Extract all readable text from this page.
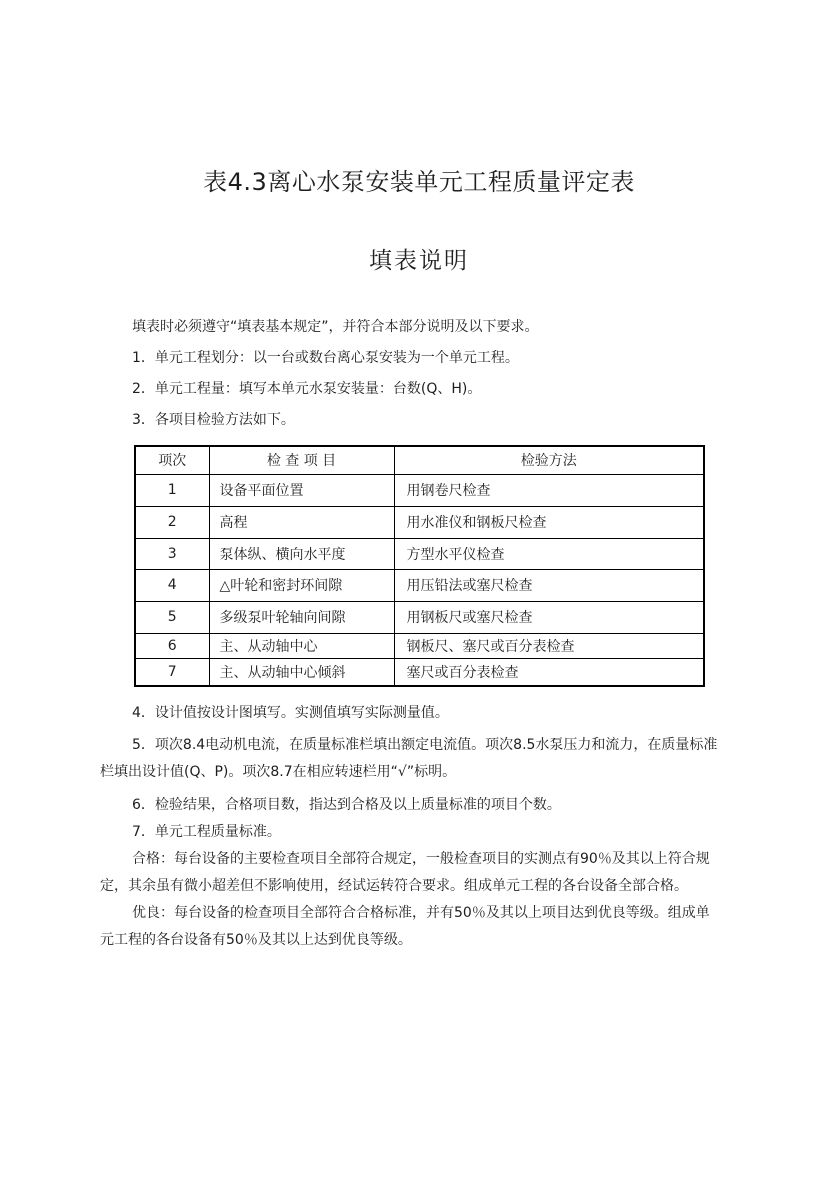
表4.3离心水泵安装单元工程质量评定表
填表说明
填表时必须遵守“填表基本规定”，并符合本部分说明及以下要求。
1．单元工程划分：以一台或数台离心泵安装为一个单元工程。
2．单元工程量：填写本单元水泵安装量：台数(Q、H)。
3．各项目检验方法如下。
项次	检 查 项 目	检验方法
1	设备平面位置	用钢卷尺检查
2	高程	用水准仪和钢板尺检查
3	泵体纵、横向水平度	方型水平仪检查
4	△叶轮和密封环间隙	用压铅法或塞尺检查
5	多级泵叶轮轴向间隙	用钢板尺或塞尺检查
6	主、从动轴中心	钢板尺、塞尺或百分表检查
7	主、从动轴中心倾斜	塞尺或百分表检查
4．设计值按设计图填写。实测值填写实际测量值。
5．项次8.4电动机电流，在质量标准栏填出额定电流值。项次8.5水泵压力和流力，在质量标准
栏填出设计值(Q、P)。项次8.7在相应转速栏用“√”标明。
6．检验结果，合格项目数，指达到合格及以上质量标准的项目个数。
7．单元工程质量标准。
合格：每台设备的主要检查项目全部符合规定，一般检查项目的实测点有90％及其以上符合规
定，其余虽有微小超差但不影响使用，经试运转符合要求。组成单元工程的各台设备全部合格。
优良：每台设备的检查项目全部符合合格标准，并有50％及其以上项目达到优良等级。组成单
元工程的各台设备有50％及其以上达到优良等级。
